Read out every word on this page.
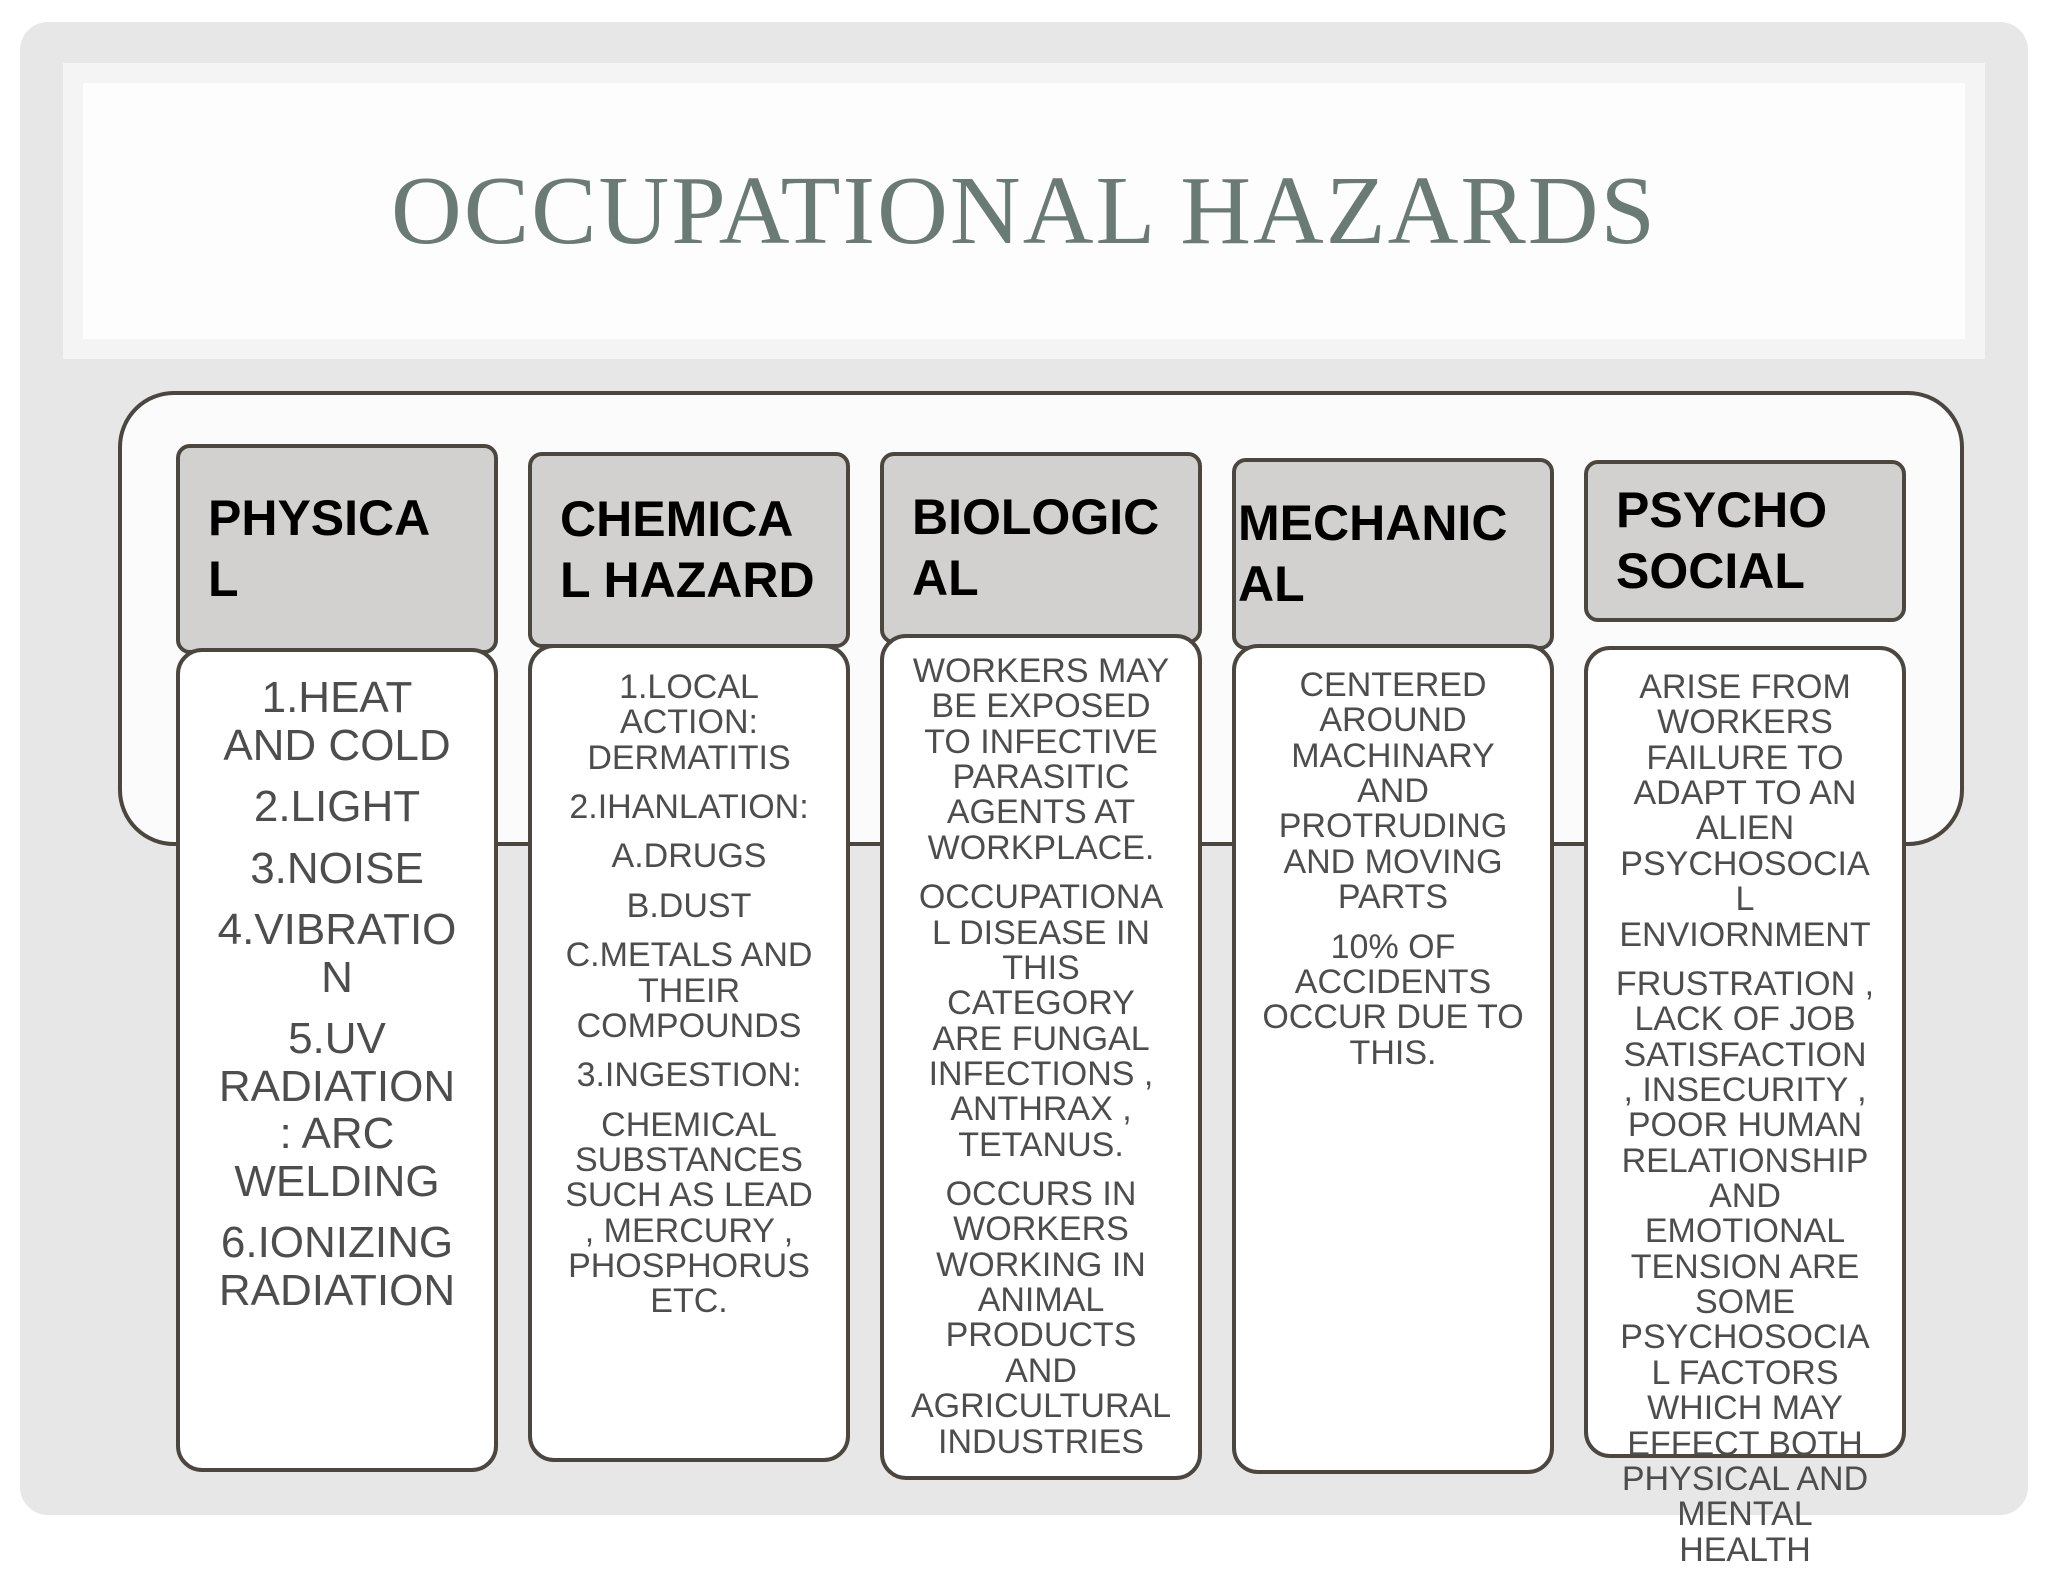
OCCUPATIONAL HAZARDS
PHYSICA
L
1.HEAT
AND COLD
2.LIGHT
3.NOISE
4.VIBRATIO
N
5.UV
RADIATION
: ARC
WELDING
6.IONIZING
RADIATION
CHEMICA
L HAZARD
1.LOCAL
ACTION:
DERMATITIS
2.IHANLATION:
A.DRUGS
B.DUST
C.METALS AND
THEIR
COMPOUNDS
3.INGESTION:
CHEMICAL
SUBSTANCES
SUCH AS LEAD
, MERCURY ,
PHOSPHORUS
ETC.
BIOLOGIC
AL
WORKERS MAY
BE EXPOSED
TO INFECTIVE
PARASITIC
AGENTS AT
WORKPLACE.
OCCUPATIONA
L DISEASE IN
THIS
CATEGORY
ARE FUNGAL
INFECTIONS ,
ANTHRAX ,
TETANUS.
OCCURS IN
WORKERS
WORKING IN
ANIMAL
PRODUCTS
AND
AGRICULTURAL
INDUSTRIES
MECHANIC
AL
CENTERED
AROUND
MACHINARY
AND
PROTRUDING
AND MOVING
PARTS
10% OF
ACCIDENTS
OCCUR DUE TO
THIS.
PSYCHO
SOCIAL
ARISE FROM
WORKERS
FAILURE TO
ADAPT TO AN
ALIEN
PSYCHOSOCIA
L
ENVIORNMENT
FRUSTRATION ,
LACK OF JOB
SATISFACTION
, INSECURITY ,
POOR HUMAN
RELATIONSHIP
AND
EMOTIONAL
TENSION ARE
SOME
PSYCHOSOCIA
L FACTORS
WHICH MAY
EFFECT BOTH
PHYSICAL AND
MENTAL
HEALTH
